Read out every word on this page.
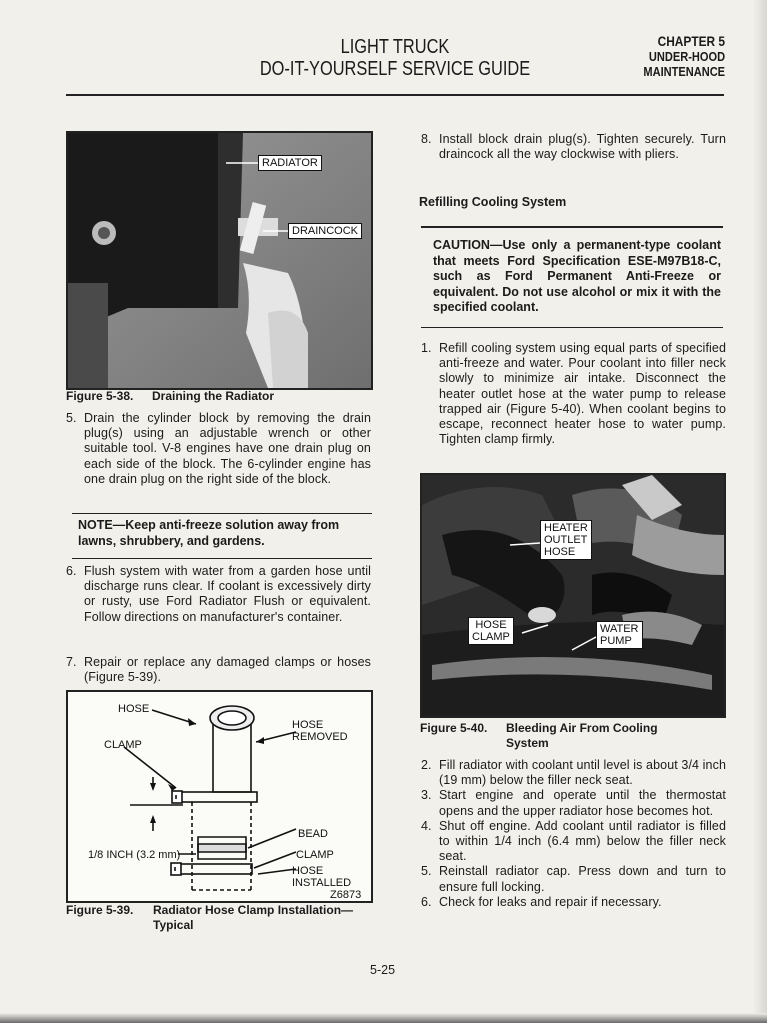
LIGHT TRUCK
DO-IT-YOURSELF SERVICE GUIDE
CHAPTER 5
UNDER-HOOD
MAINTENANCE
RADIATOR
DRAINCOCK
Figure 5-38. Draining the Radiator
5. Drain the cylinder block by removing the drain plug(s) using an adjustable wrench or other suitable tool. V-8 engines have one drain plug on each side of the block. The 6-cylinder engine has one drain plug on the right side of the block.
NOTE—Keep anti-freeze solution away from lawns, shrubbery, and gardens.
6. Flush system with water from a garden hose until discharge runs clear. If coolant is excessively dirty or rusty, use Ford Radiator Flush or equivalent. Follow directions on manufacturer's container.
7. Repair or replace any damaged clamps or hoses (Figure 5-39).
HOSE
CLAMP
HOSE
REMOVED
1/8 INCH (3.2 mm)
BEAD
CLAMP
HOSE
INSTALLED
Z6873
Figure 5-39. Radiator Hose Clamp Installation—
Typical
8. Install block drain plug(s). Tighten securely. Turn draincock all the way clockwise with pliers.
Refilling Cooling System
CAUTION—Use only a permanent-type coolant that meets Ford Specification ESE-M97B18-C, such as Ford Permanent Anti-Freeze or equivalent. Do not use alcohol or mix it with the specified coolant.
1. Refill cooling system using equal parts of specified anti-freeze and water. Pour coolant into filler neck slowly to minimize air intake. Disconnect the heater outlet hose at the water pump to release trapped air (Figure 5-40). When coolant begins to escape, reconnect heater hose to water pump. Tighten clamp firmly.
HEATER
OUTLET
HOSE
HOSE
CLAMP
WATER
PUMP
Figure 5-40. Bleeding Air From Cooling
System
2. Fill radiator with coolant until level is about 3/4 inch (19 mm) below the filler neck seat.
3. Start engine and operate until the thermostat opens and the upper radiator hose becomes hot.
4. Shut off engine. Add coolant until radiator is filled to within 1/4 inch (6.4 mm) below the filler neck seat.
5. Reinstall radiator cap. Press down and turn to ensure full locking.
6. Check for leaks and repair if necessary.
5-25
